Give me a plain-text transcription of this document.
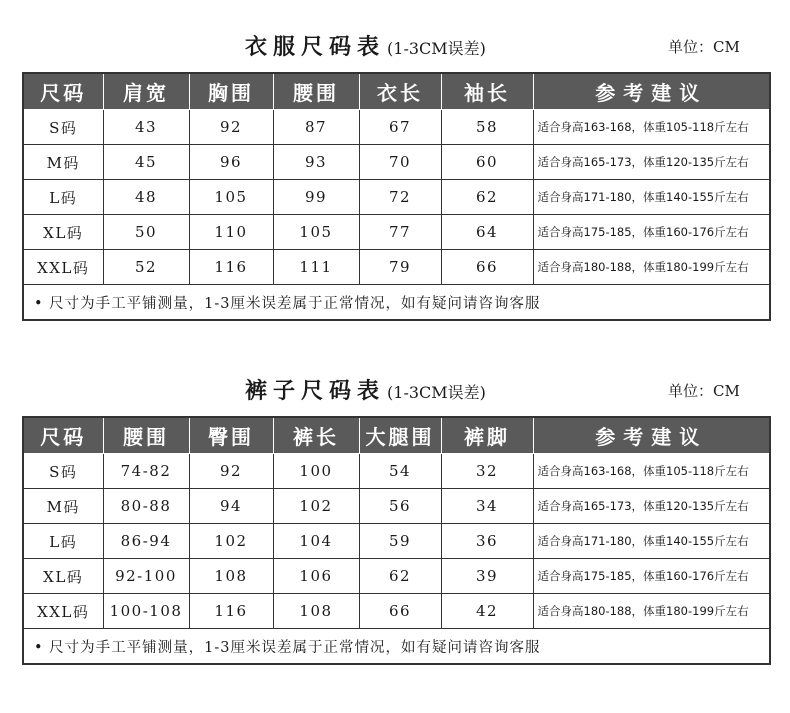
衣服尺码表 (1-3CM误差)	单位：CM
尺码	肩宽	胸围	腰围	衣长	袖长	参考建议
S码	43	92	87	67	58	适合身高163-168，体重105-118斤左右
M码	45	96	93	70	60	适合身高165-173，体重120-135斤左右
L码	48	105	99	72	62	适合身高171-180，体重140-155斤左右
XL码	50	110	105	77	64	适合身高175-185，体重160-176斤左右
XXL码	52	116	111	79	66	适合身高180-188，体重180-199斤左右
• 尺寸为手工平铺测量，1-3厘米误差属于正常情况，如有疑问请咨询客服						
裤子尺码表 (1-3CM误差)	单位：CM
尺码	腰围	臀围	裤长	大腿围	裤脚	参考建议
S码	74-82	92	100	54	32	适合身高163-168，体重105-118斤左右
M码	80-88	94	102	56	34	适合身高165-173，体重120-135斤左右
L码	86-94	102	104	59	36	适合身高171-180，体重140-155斤左右
XL码	92-100	108	106	62	39	适合身高175-185，体重160-176斤左右
XXL码	100-108	116	108	66	42	适合身高180-188，体重180-199斤左右
• 尺寸为手工平铺测量，1-3厘米误差属于正常情况，如有疑问请咨询客服						
